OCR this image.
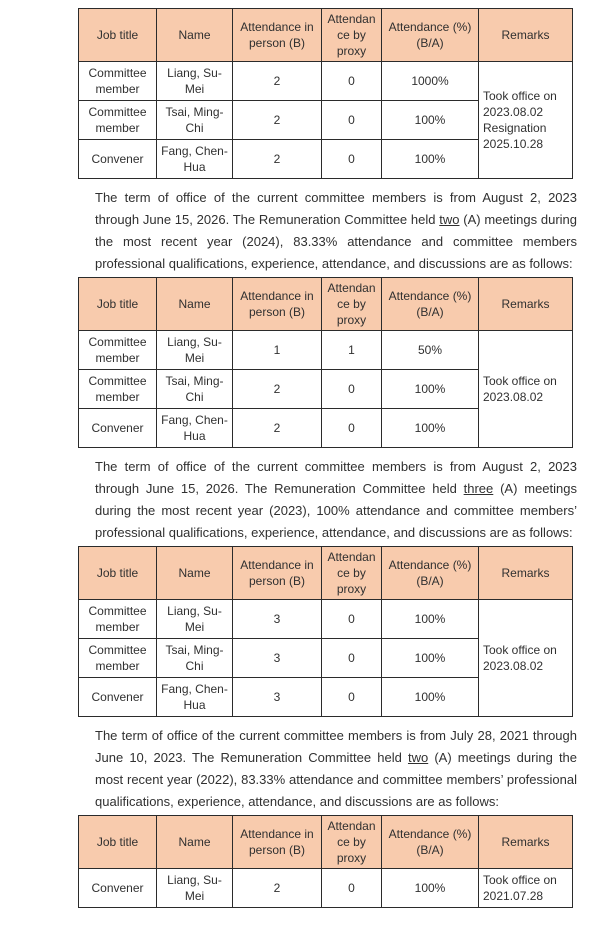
Job title	Name	Attendance in person (B)	Attendance by proxy	Attendance (%) (B/A)	Remarks
Committee member	Liang, Su-Mei	2	0	1000%	Took office on 2023.08.02 Resignation 2025.10.28
Committee member	Tsai, Ming-Chi	2	0	100%	
Convener	Fang, Chen-Hua	2	0	100%	

The term of office of the current committee members is from August 2, 2023 through June 15, 2026. The Remuneration Committee held two (A) meetings during the most recent year (2024), 83.33% attendance and committee members professional qualifications, experience, attendance, and discussions are as follows:

Job title	Name	Attendance in person (B)	Attendance by proxy	Attendance (%) (B/A)	Remarks
Committee member	Liang, Su-Mei	1	1	50%	Took office on 2023.08.02
Committee member	Tsai, Ming-Chi	2	0	100%	
Convener	Fang, Chen-Hua	2	0	100%	

The term of office of the current committee members is from August 2, 2023 through June 15, 2026. The Remuneration Committee held three (A) meetings during the most recent year (2023), 100% attendance and committee members’ professional qualifications, experience, attendance, and discussions are as follows:

Job title	Name	Attendance in person (B)	Attendance by proxy	Attendance (%) (B/A)	Remarks
Committee member	Liang, Su-Mei	3	0	100%	Took office on 2023.08.02
Committee member	Tsai, Ming-Chi	3	0	100%	
Convener	Fang, Chen-Hua	3	0	100%	

The term of office of the current committee members is from July 28, 2021 through June 10, 2023. The Remuneration Committee held two (A) meetings during the most recent year (2022), 83.33% attendance and committee members’ professional qualifications, experience, attendance, and discussions are as follows:

Job title	Name	Attendance in person (B)	Attendance by proxy	Attendance (%) (B/A)	Remarks
Convener	Liang, Su-Mei	2	0	100%	Took office on 2021.07.28
